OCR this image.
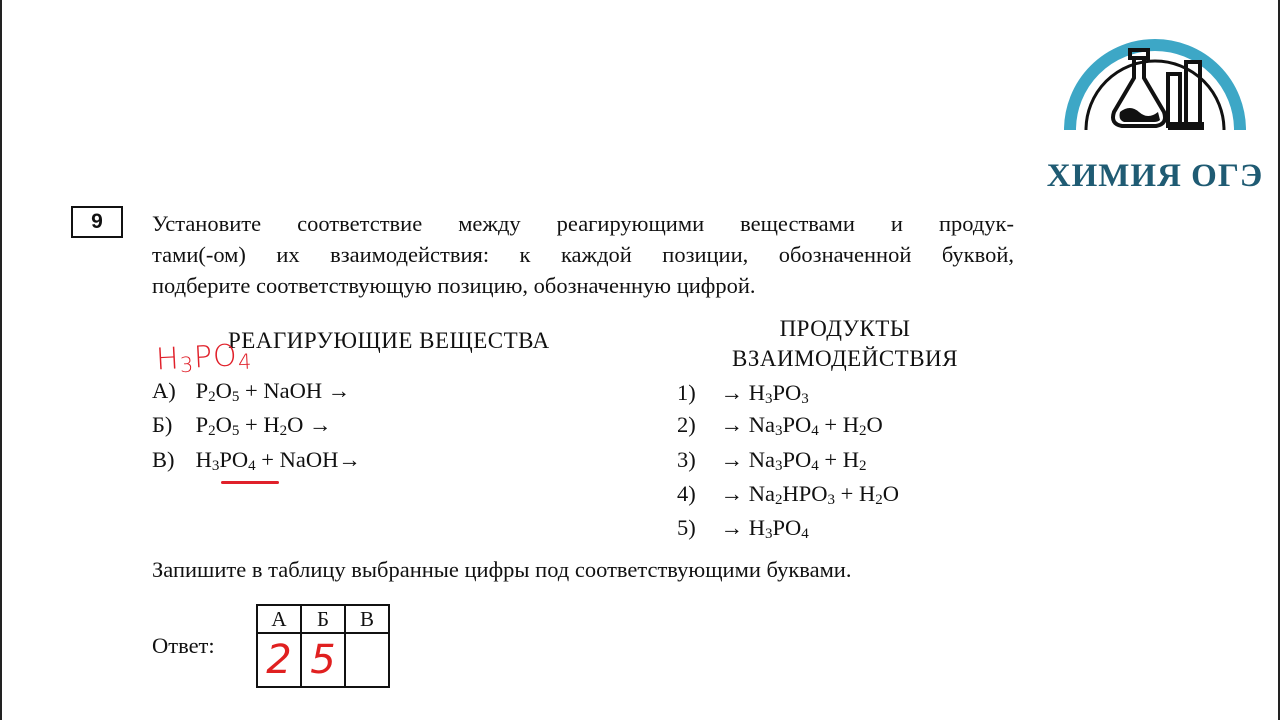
ХИМИЯ ОГЭ
9	Установите соответствие между реагирующими веществами и продук-
тами(-ом) их взаимодействия: к каждой позиции, обозначенной буквой,
подберите соответствующую позицию, обозначенную цифрой.
РЕАГИРУЮЩИЕ ВЕЩЕСТВА	ПРОДУКТЫ
ВЗАИМОДЕЙСТВИЯ
А) $P_2O_5$ + NaOH →
Б) $P_2O_5 + H_2O$ →
В) $H_3PO_4$ + NaOH→
$1) \to H_3PO_3$
$2) \to Na_3PO_4 + H_2O$
$3) \to Na_3PO_4 + H_2$
$4) \to Na_2HPO_3 + H_2O$
$5) \to H_3PO_4$
$H_3PO_4$
Запишите в таблицу выбранные цифры под соответствующими буквами.
Ответ:
А	Б	В
2	5	
